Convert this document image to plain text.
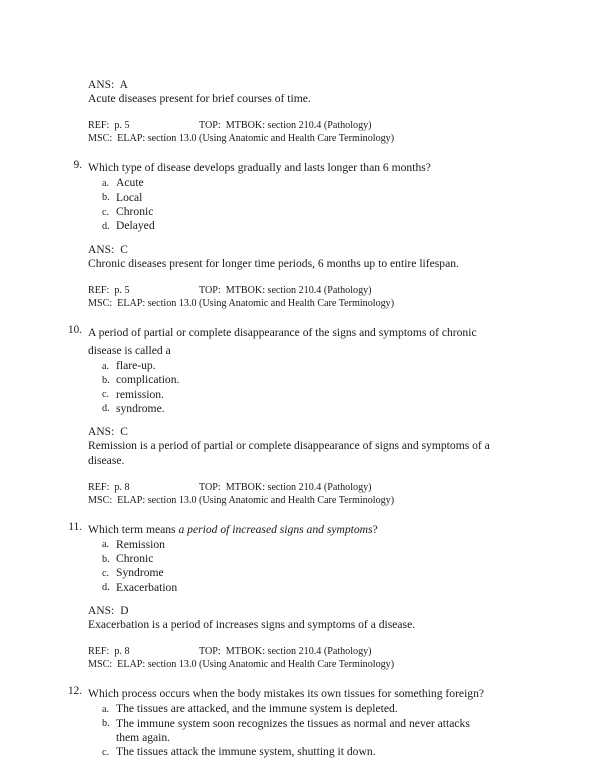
ANS:  A
Acute diseases present for brief courses of time.
REF:  p. 5	TOP:  MTBOK: section 210.4 (Pathology)
MSC:  ELAP: section 13.0 (Using Anatomic and Health Care Terminology)
9. Which type of disease develops gradually and lasts longer than 6 months?
a. Acute
b. Local
c. Chronic
d. Delayed
ANS:  C
Chronic diseases present for longer time periods, 6 months up to entire lifespan.
REF:  p. 5	TOP:  MTBOK: section 210.4 (Pathology)
MSC:  ELAP: section 13.0 (Using Anatomic and Health Care Terminology)
10. A period of partial or complete disappearance of the signs and symptoms of chronic disease is called a
a. flare-up.
b. complication.
c. remission.
d. syndrome.
ANS:  C
Remission is a period of partial or complete disappearance of signs and symptoms of a disease.
REF:  p. 8	TOP:  MTBOK: section 210.4 (Pathology)
MSC:  ELAP: section 13.0 (Using Anatomic and Health Care Terminology)
11. Which term means a period of increased signs and symptoms?
a. Remission
b. Chronic
c. Syndrome
d. Exacerbation
ANS:  D
Exacerbation is a period of increases signs and symptoms of a disease.
REF:  p. 8	TOP:  MTBOK: section 210.4 (Pathology)
MSC:  ELAP: section 13.0 (Using Anatomic and Health Care Terminology)
12. Which process occurs when the body mistakes its own tissues for something foreign?
a. The tissues are attacked, and the immune system is depleted.
b. The immune system soon recognizes the tissues as normal and never attacks them again.
c. The tissues attack the immune system, shutting it down.
